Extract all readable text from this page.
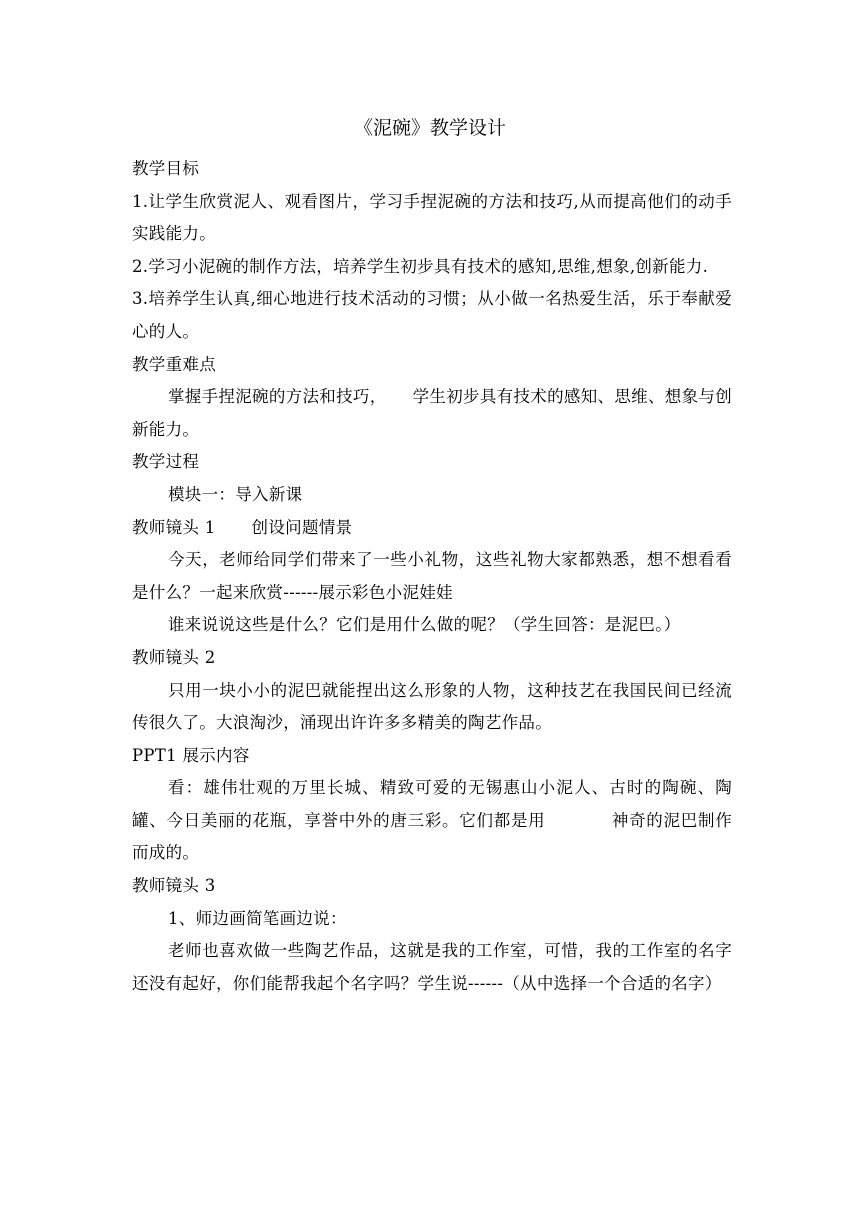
《泥碗》教学设计

教学目标

1.让学生欣赏泥人、观看图片，学习手捏泥碗的方法和技巧,从而提高他们的动手实践能力。

2.学习小泥碗的制作方法，培养学生初步具有技术的感知,思维,想象,创新能力.

3.培养学生认真,细心地进行技术活动的习惯；从小做一名热爱生活，乐于奉献爱心的人。

教学重难点

掌握手捏泥碗的方法和技巧， 学生初步具有技术的感知、思维、想象与创新能力。

教学过程

模块一：导入新课

教师镜头 1 创设问题情景

今天，老师给同学们带来了一些小礼物，这些礼物大家都熟悉，想不想看看是什么？一起来欣赏------展示彩色小泥娃娃

谁来说说这些是什么？它们是用什么做的呢？（学生回答：是泥巴。）

教师镜头 2

只用一块小小的泥巴就能捏出这么形象的人物，这种技艺在我国民间已经流传很久了。大浪淘沙，涌现出许许多多精美的陶艺作品。

PPT1 展示内容

看：雄伟壮观的万里长城、精致可爱的无锡惠山小泥人、古时的陶碗、陶罐、今日美丽的花瓶，享誉中外的唐三彩。它们都是用	神奇的泥巴制作而成的。

教师镜头 3

1、师边画简笔画边说：

老师也喜欢做一些陶艺作品，这就是我的工作室，可惜，我的工作室的名字还没有起好，你们能帮我起个名字吗？学生说------（从中选择一个合适的名字）
